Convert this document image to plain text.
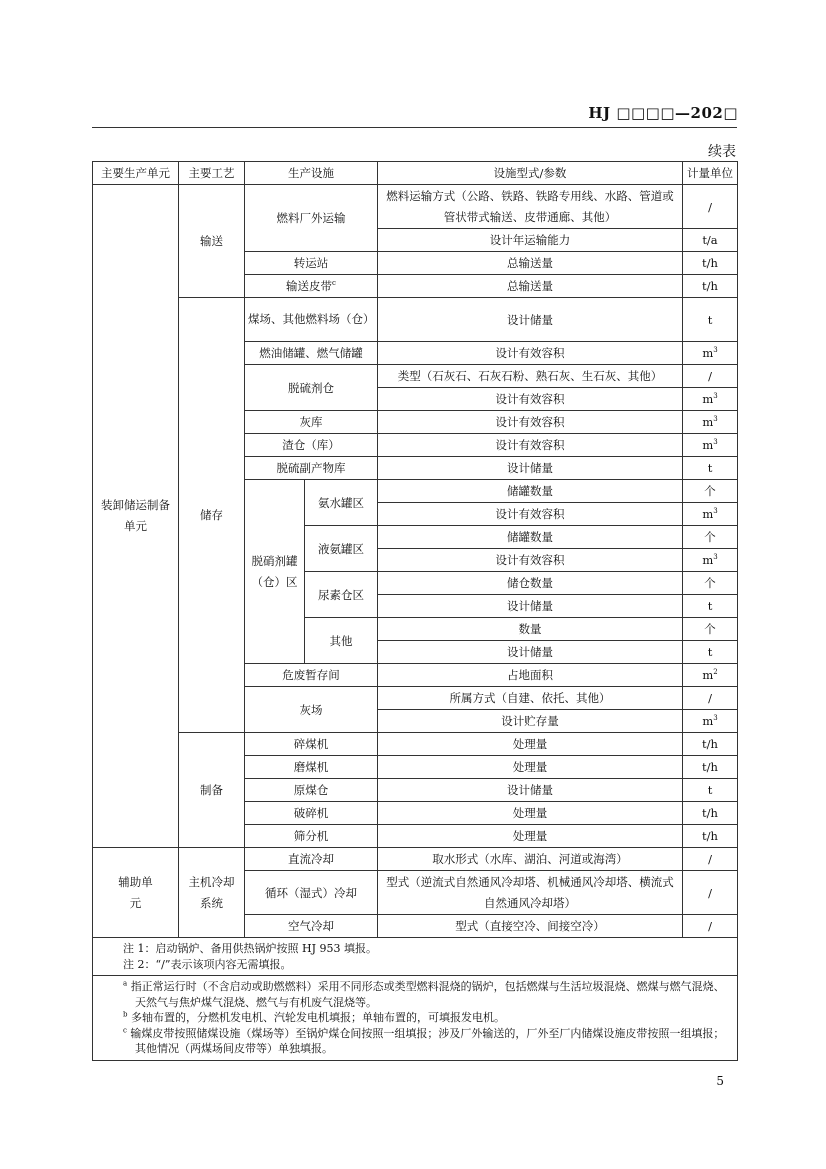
HJ □□□□—202□
续表
主要生产单元	主要工艺	生产设施		设施型式/参数	计量单位
装卸储运制备单元	输送	燃料厂外运输		燃料运输方式（公路、铁路、铁路专用线、水路、管道或管状带式输送、皮带通廊、其他）	/
				设计年运输能力	t/a
		转运站		总输送量	t/h
		输送皮带$^c$		总输送量	t/h
	储存	煤场、其他燃料场（仓）		设计储量	t
		燃油储罐、燃气储罐		设计有效容积	$m^3$
		脱硫剂仓		类型（石灰石、石灰石粉、熟石灰、生石灰、其他）	/
				设计有效容积	$m^3$
		灰库		设计有效容积	$m^3$
		渣仓（库）		设计有效容积	$m^3$
		脱硫副产物库		设计储量	t
		脱硝剂罐（仓）区	氨水罐区	储罐数量	个
				设计有效容积	$m^3$
			液氨罐区	储罐数量	个
				设计有效容积	$m^3$
			尿素仓区	储仓数量	个
				设计储量	t
			其他	数量	个
				设计储量	t
		危废暂存间		占地面积	$m^2$
		灰场		所属方式（自建、依托、其他）	/
				设计贮存量	$m^3$
	制备	碎煤机		处理量	t/h
		磨煤机		处理量	t/h
		原煤仓		设计储量	t
		破碎机		处理量	t/h
		筛分机		处理量	t/h
辅助单元	主机冷却系统	直流冷却		取水形式（水库、湖泊、河道或海湾）	/
		循环（湿式）冷却		型式（逆流式自然通风冷却塔、机械通风冷却塔、横流式自然通风冷却塔）	/
		空气冷却		型式（直接空冷、间接空冷）	/

注 1：启动锅炉、备用供热锅炉按照 HJ 953 填报。
注 2：“/”表示该项内容无需填报。					

$^a$ 指正常运行时（不含启动或助燃燃料）采用不同形态或类型燃料混烧的锅炉，包括燃煤与生活垃圾混烧、燃煤与燃气混烧、天然气与焦炉煤气混烧、燃气与有机废气混烧等。
$^b$ 多轴布置的，分燃机发电机、汽轮发电机填报；单轴布置的，可填报发电机。
$^c$ 输煤皮带按照储煤设施（煤场等）至锅炉煤仓间按照一组填报；涉及厂外输送的，厂外至厂内储煤设施皮带按照一组填报；其他情况（两煤场间皮带等）单独填报。					
5
